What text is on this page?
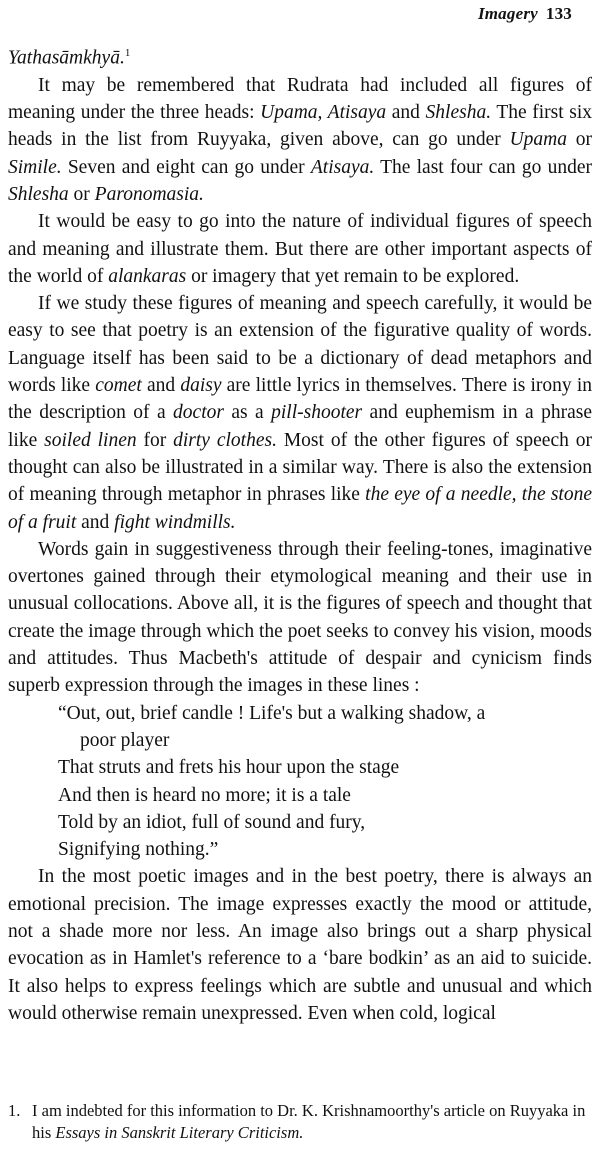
Imagery 133

Yathasāmkhyā.$^1$

It may be remembered that Rudrata had included all figures of meaning under the three heads: Upama, Atisaya and Shlesha. The first six heads in the list from Ruyyaka, given above, can go under Upama or Simile. Seven and eight can go under Atisaya. The last four can go under Shlesha or Paronomasia.

It would be easy to go into the nature of individual figures of speech and meaning and illustrate them. But there are other important aspects of the world of alankaras or imagery that yet remain to be explored.

If we study these figures of meaning and speech carefully, it would be easy to see that poetry is an extension of the figurative quality of words. Language itself has been said to be a dictionary of dead metaphors and words like comet and daisy are little lyrics in themselves. There is irony in the description of a doctor as a pill-shooter and euphemism in a phrase like soiled linen for dirty clothes. Most of the other figures of speech or thought can also be illustrated in a similar way. There is also the extension of meaning through metaphor in phrases like the eye of a needle, the stone of a fruit and fight windmills.

Words gain in suggestiveness through their feeling-tones, imaginative overtones gained through their etymological meaning and their use in unusual collocations. Above all, it is the figures of speech and thought that create the image through which the poet seeks to convey his vision, moods and attitudes. Thus Macbeth's attitude of despair and cynicism finds superb expression through the images in these lines :

“Out, out, brief candle ! Life's but a walking shadow, a
poor player
That struts and frets his hour upon the stage
And then is heard no more; it is a tale
Told by an idiot, full of sound and fury,
Signifying nothing.”

In the most poetic images and in the best poetry, there is always an emotional precision. The image expresses exactly the mood or attitude, not a shade more nor less. An image also brings out a sharp physical evocation as in Hamlet's reference to a ‘bare bodkin’ as an aid to suicide. It also helps to express feelings which are subtle and unusual and which would otherwise remain unexpressed. Even when cold, logical

1. I am indebted for this information to Dr. K. Krishnamoorthy's article on Ruyyaka in his Essays in Sanskrit Literary Criticism.
